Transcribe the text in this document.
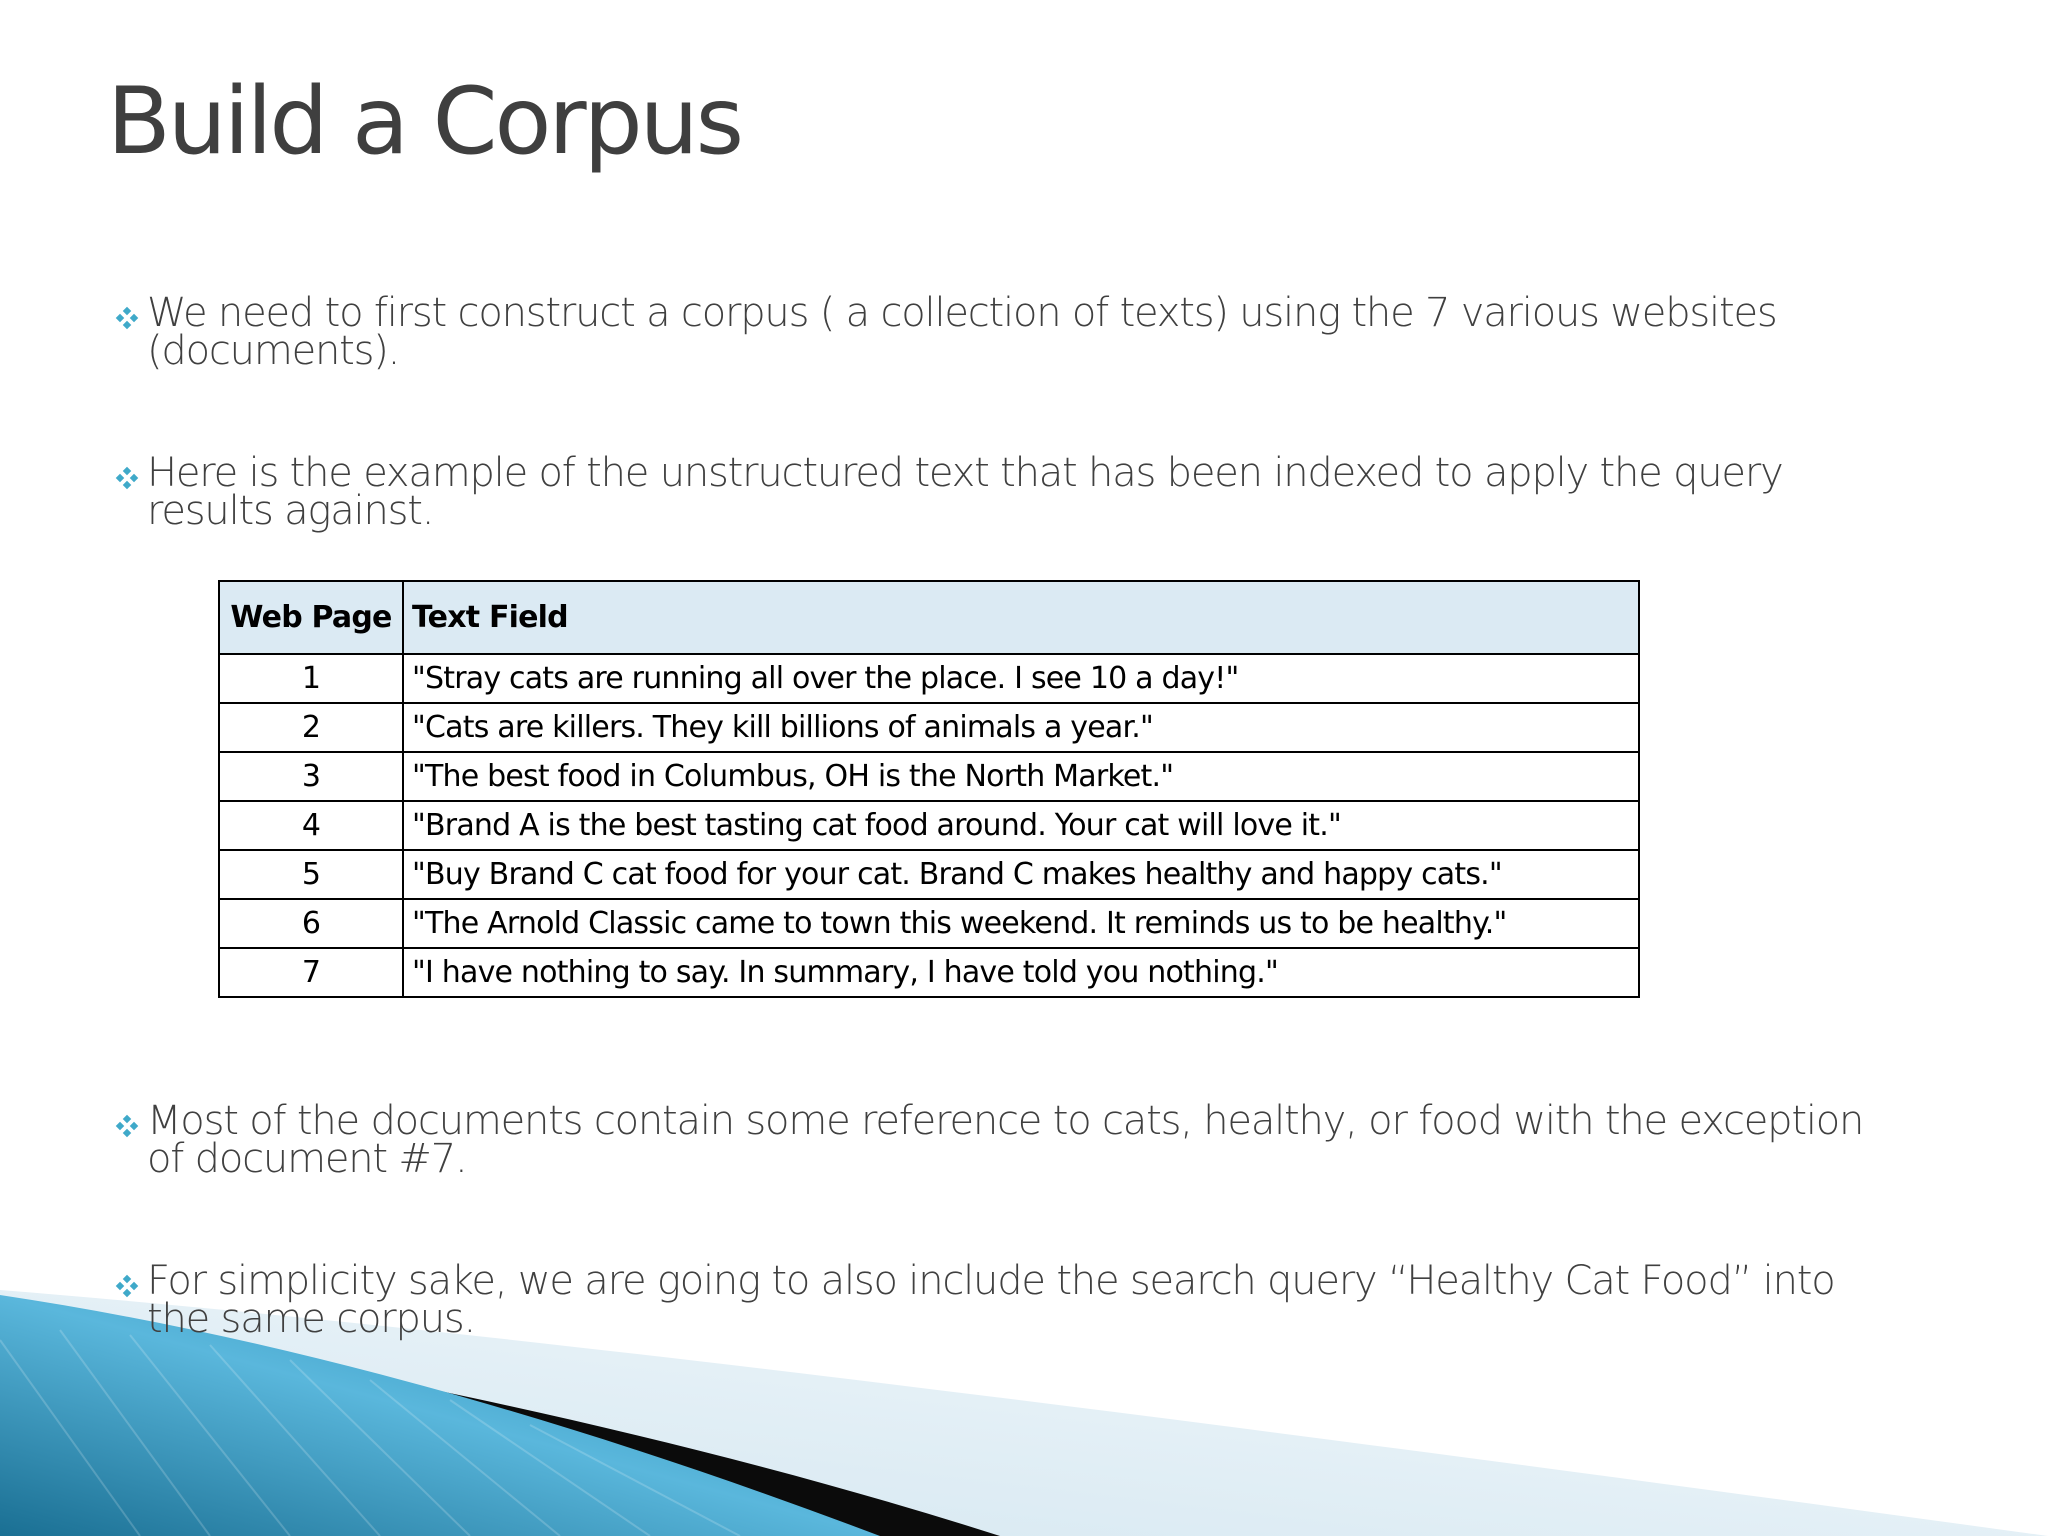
Build a Corpus
We need to first construct a corpus ( a collection of texts) using the 7 various websites (documents).
Here is the example of the unstructured text that has been indexed to apply the query results against.
Web Page	Text Field
1	"Stray cats are running all over the place. I see 10 a day!"
2	"Cats are killers. They kill billions of animals a year."
3	"The best food in Columbus, OH is the North Market."
4	"Brand A is the best tasting cat food around. Your cat will love it."
5	"Buy Brand C cat food for your cat. Brand C makes healthy and happy cats."
6	"The Arnold Classic came to town this weekend. It reminds us to be healthy."
7	"I have nothing to say. In summary, I have told you nothing."
Most of the documents contain some reference to cats, healthy, or food with the exception of document #7.
For simplicity sake, we are going to also include the search query “Healthy Cat Food” into the same corpus.
